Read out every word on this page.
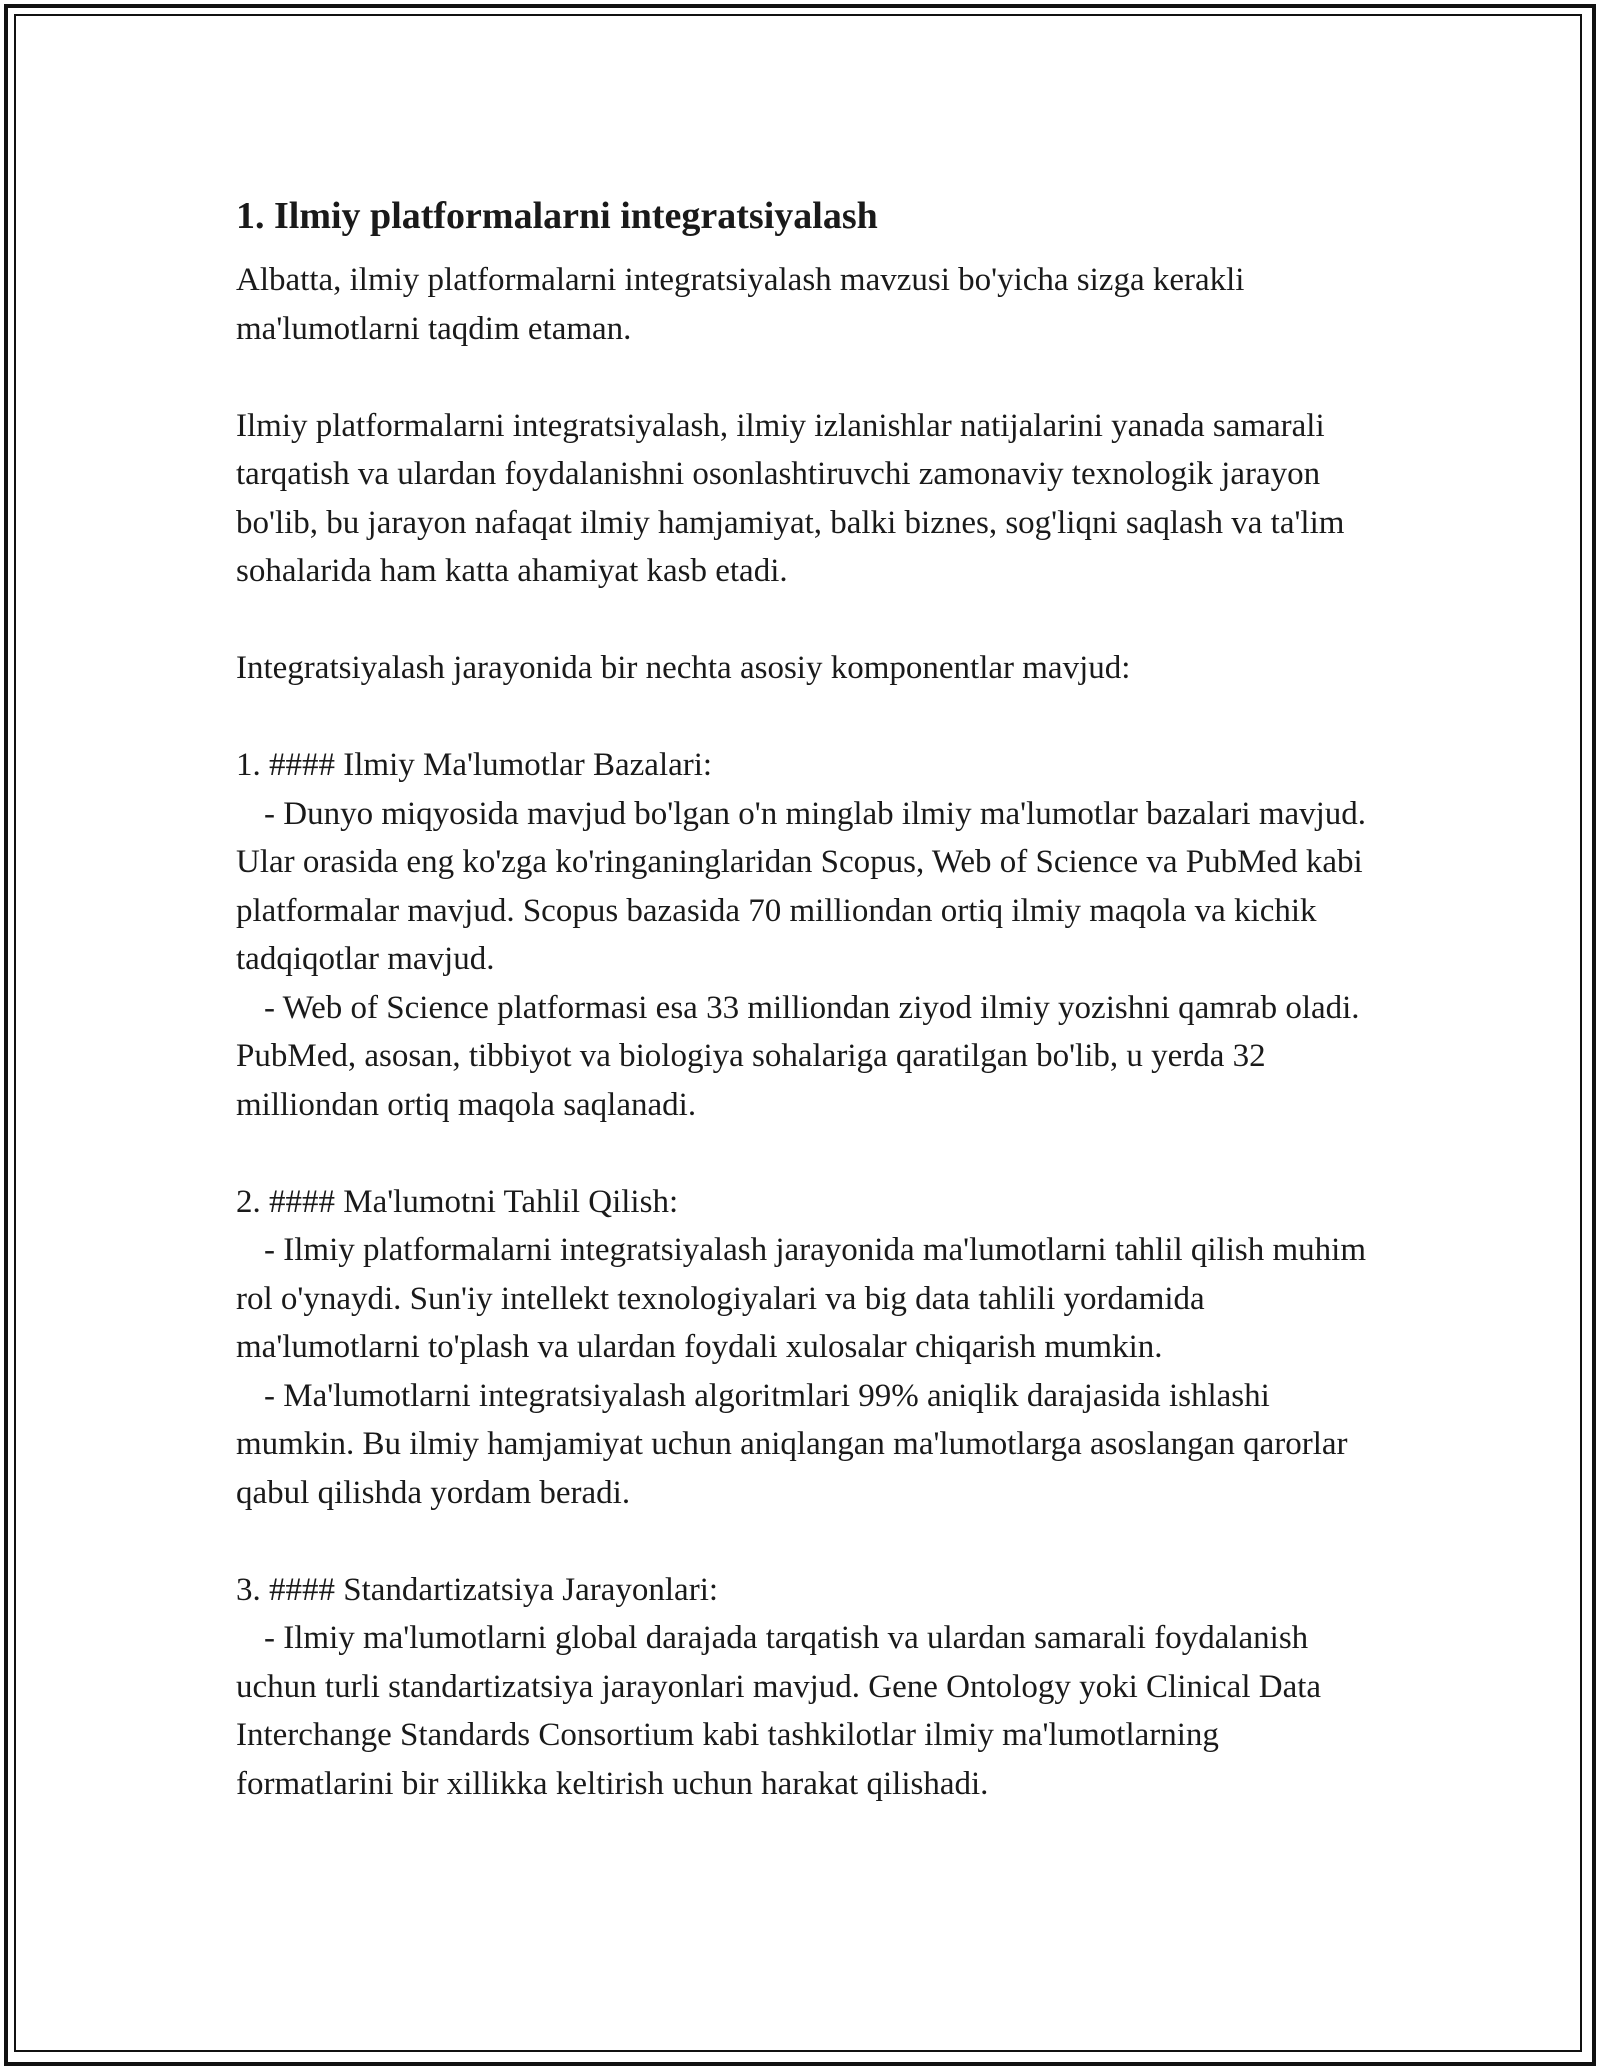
1. Ilmiy platformalarni integratsiyalash

Albatta, ilmiy platformalarni integratsiyalash mavzusi bo'yicha sizga kerakli ma'lumotlarni taqdim etaman.

Ilmiy platformalarni integratsiyalash, ilmiy izlanishlar natijalarini yanada samarali tarqatish va ulardan foydalanishni osonlashtiruvchi zamonaviy texnologik jarayon bo'lib, bu jarayon nafaqat ilmiy hamjamiyat, balki biznes, sog'liqni saqlash va ta'lim sohalarida ham katta ahamiyat kasb etadi.

Integratsiyalash jarayonida bir nechta asosiy komponentlar mavjud:

1. #### Ilmiy Ma'lumotlar Bazalari:

- Dunyo miqyosida mavjud bo'lgan o'n minglab ilmiy ma'lumotlar bazalari mavjud. Ular orasida eng ko'zga ko'ringaninglaridan Scopus, Web of Science va PubMed kabi platformalar mavjud. Scopus bazasida 70 milliondan ortiq ilmiy maqola va kichik tadqiqotlar mavjud.

- Web of Science platformasi esa 33 milliondan ziyod ilmiy yozishni qamrab oladi. PubMed, asosan, tibbiyot va biologiya sohalariga qaratilgan bo'lib, u yerda 32 milliondan ortiq maqola saqlanadi.

2. #### Ma'lumotni Tahlil Qilish:

- Ilmiy platformalarni integratsiyalash jarayonida ma'lumotlarni tahlil qilish muhim rol o'ynaydi. Sun'iy intellekt texnologiyalari va big data tahlili yordamida ma'lumotlarni to'plash va ulardan foydali xulosalar chiqarish mumkin.

- Ma'lumotlarni integratsiyalash algoritmlari 99% aniqlik darajasida ishlashi mumkin. Bu ilmiy hamjamiyat uchun aniqlangan ma'lumotlarga asoslangan qarorlar qabul qilishda yordam beradi.

3. #### Standartizatsiya Jarayonlari:

- Ilmiy ma'lumotlarni global darajada tarqatish va ulardan samarali foydalanish uchun turli standartizatsiya jarayonlari mavjud. Gene Ontology yoki Clinical Data Interchange Standards Consortium kabi tashkilotlar ilmiy ma'lumotlarning formatlarini bir xillikka keltirish uchun harakat qilishadi.
